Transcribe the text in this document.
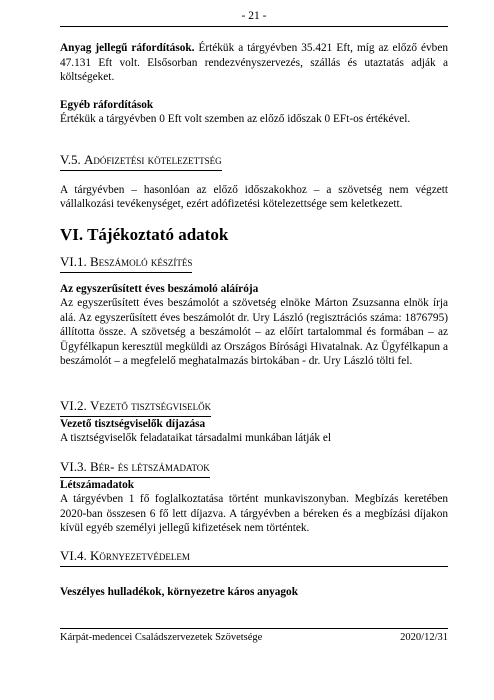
- 21 -

Anyag jellegű ráfordítások. Értékük a tárgyévben 35.421 Eft, míg az előző évben 47.131 Eft volt. Elsősorban rendezvényszervezés, szállás és utaztatás adják a költségeket.

Egyéb ráfordítások

Értékük a tárgyévben 0 Eft volt szemben az előző időszak 0 EFt-os értékével.

V.5. Adófizetési kötelezettség

A tárgyévben – hasonlóan az előző időszakokhoz – a szövetség nem végzett vállalkozási tevékenységet, ezért adófizetési kötelezettsége sem keletkezett.

VI. Tájékoztató adatok
VI.1. Beszámoló készítés

Az egyszerűsített éves beszámoló aláírója

Az egyszerűsített éves beszámolót a szövetség elnöke Márton Zsuzsanna elnök írja alá. Az egyszerűsített éves beszámolót dr. Ury László (regisztrációs száma: 1876795) állította össze. A szövetség a beszámolót – az előírt tartalommal és formában – az Ügyfélkapun keresztül megküldi az Országos Bírósági Hivatalnak. Az Ügyfélkapun a beszámolót – a megfelelő meghatalmazás birtokában - dr. Ury László tölti fel.

VI.2. Vezető tisztségviselők

Vezető tisztségviselők díjazása

A tisztségviselők feladataikat társadalmi munkában látják el

VI.3. Bér- és létszámadatok

Létszámadatok

A tárgyévben 1 fő foglalkoztatása történt munkaviszonyban. Megbízás keretében 2020-ban összesen 6 fő lett díjazva. A tárgyévben a béreken és a megbízási díjakon kívül egyéb személyi jellegű kifizetések nem történtek.

VI.4. Környezetvédelem

Veszélyes hulladékok, környezetre káros anyagok

Kárpát-medencei Családszervezetek Szövetsége	2020/12/31
